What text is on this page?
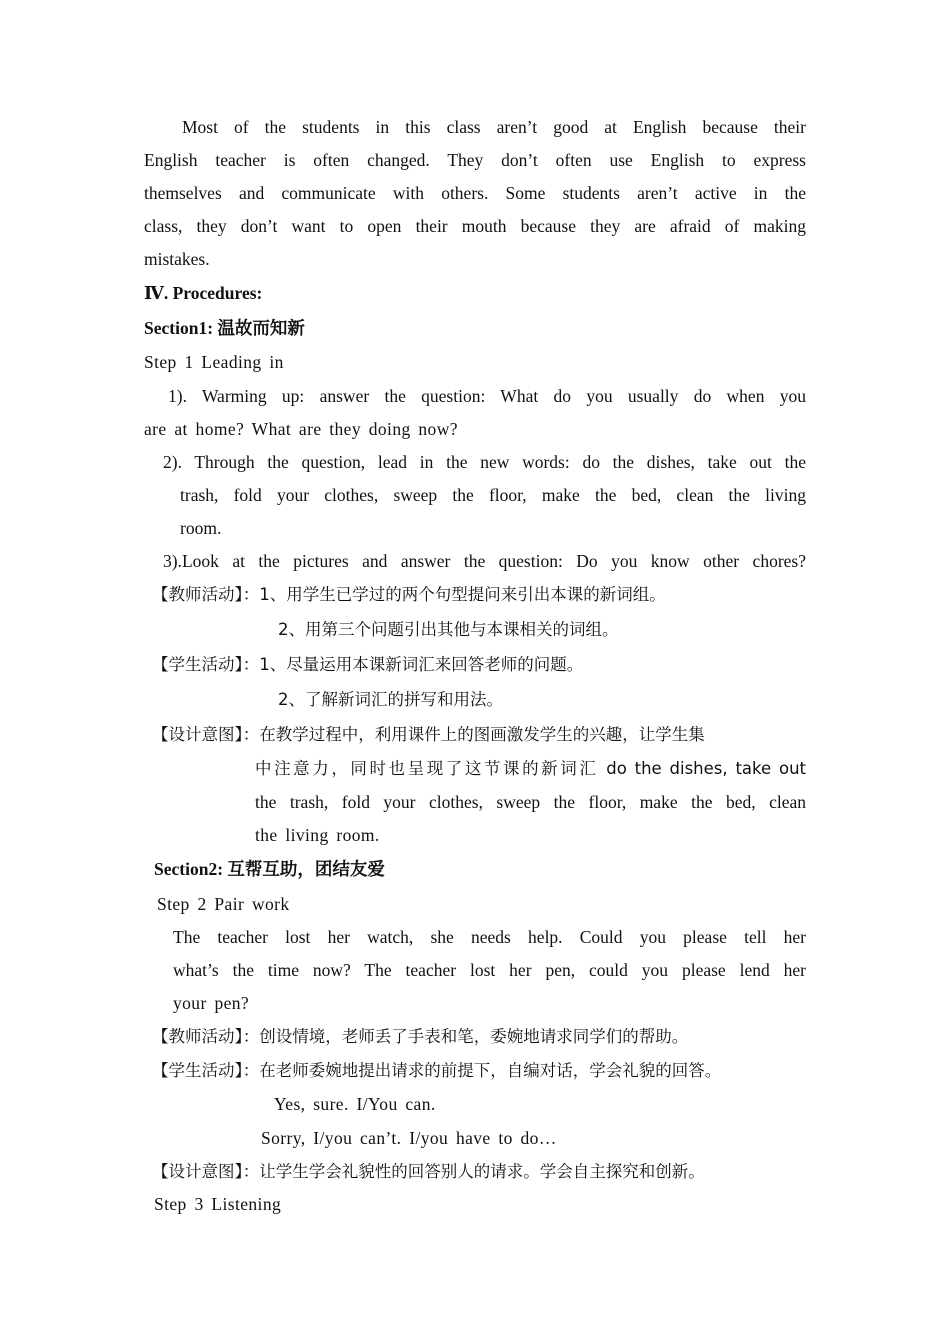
Most of the students in this class aren’t good at English because their
English teacher is often changed. They don’t often use English to express
themselves and communicate with others. Some students aren’t active in the
class, they don’t want to open their mouth because they are afraid of making
mistakes.
Ⅳ. Procedures:
Section1: 温故而知新
Step 1 Leading in
1). Warming up: answer the question: What do you usually do when you
are at home? What are they doing now?
2). Through the question, lead in the new words: do the dishes, take out the
trash, fold your clothes, sweep the floor, make the bed, clean the living
room.
3).Look at the pictures and answer the question: Do you know other chores?
【教师活动】：1、用学生已学过的两个句型提问来引出本课的新词组。
2、用第三个问题引出其他与本课相关的词组。
【学生活动】：1、尽量运用本课新词汇来回答老师的问题。
2、了解新词汇的拼写和用法。
【设计意图】：在教学过程中，利用课件上的图画激发学生的兴趣，让学生集
中注意力，同时也呈现了这节课的新词汇 do the dishes, take out
the trash, fold your clothes, sweep the floor, make the bed, clean
the living room.
Section2: 互帮互助，团结友爱
Step 2 Pair work
The teacher lost her watch, she needs help. Could you please tell her
what’s the time now? The teacher lost her pen, could you please lend her
your pen?
【教师活动】：创设情境，老师丢了手表和笔，委婉地请求同学们的帮助。
【学生活动】：在老师委婉地提出请求的前提下，自编对话，学会礼貌的回答。
Yes, sure. I/You can.
Sorry, I/you can’t. I/you have to do…
【设计意图】：让学生学会礼貌性的回答别人的请求。学会自主探究和创新。
Step 3 Listening
